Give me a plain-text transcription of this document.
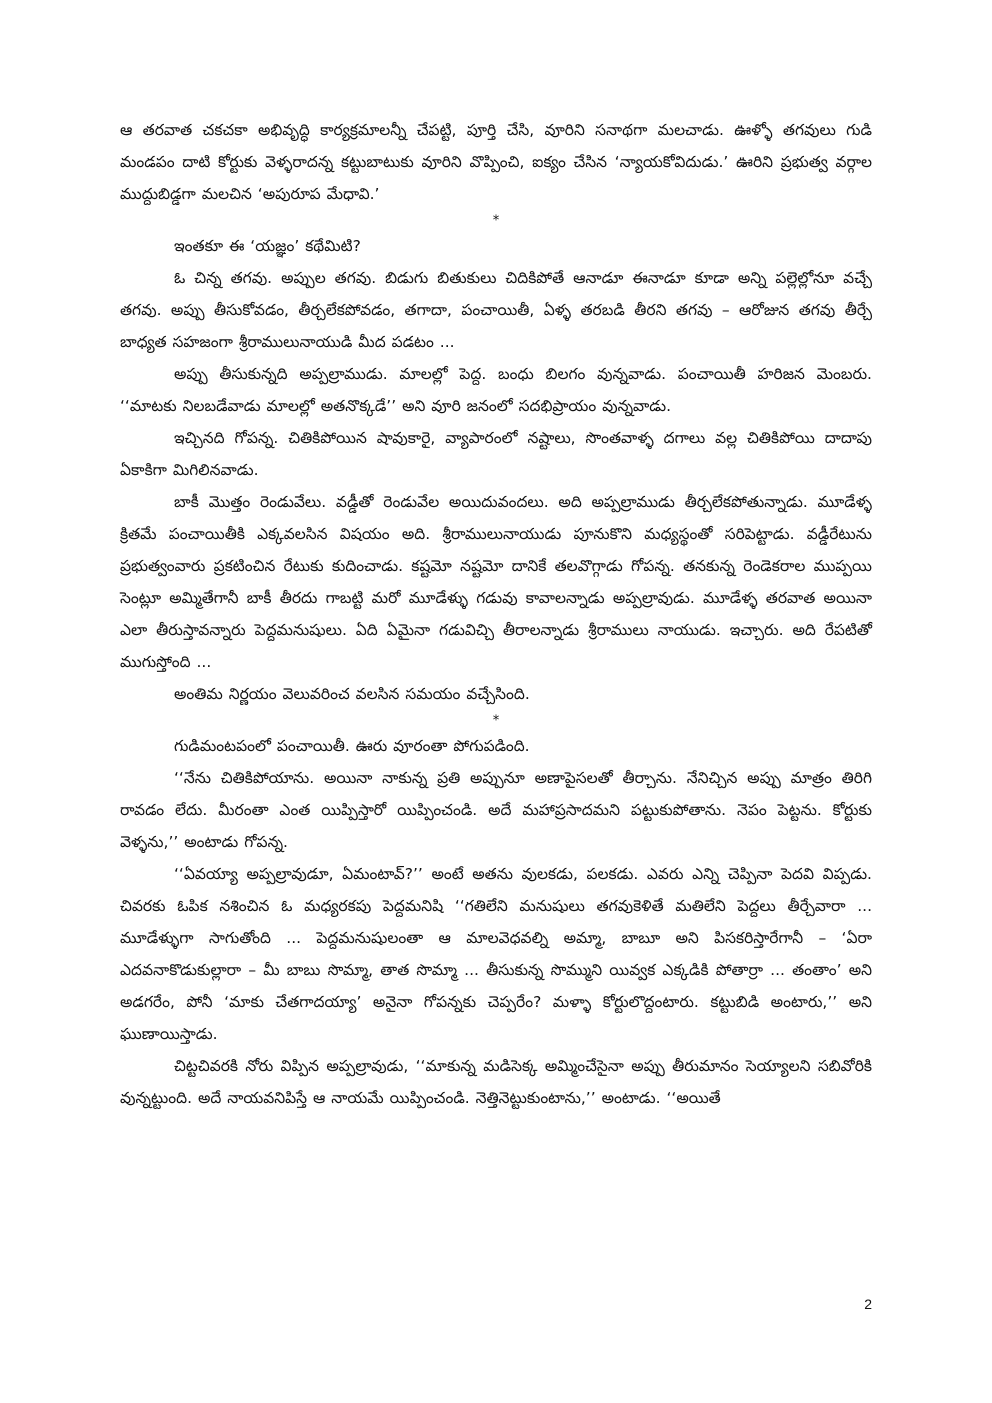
ఆ తరవాత చకచకా అభివృద్ధి కార్యక్రమాలన్నీ చేపట్టి, పూర్తి చేసి, వూరిని సనాథగా మలచాడు. ఊళ్ళో తగవులు గుడి మండపం దాటి కోర్టుకు వెళ్ళరాదన్న కట్టుబాటుకు వూరిని వొప్పించి, ఐక్యం చేసిన ‘న్యాయకోవిదుడు.’ ఊరిని ప్రభుత్వ వర్గాల ముద్దుబిడ్డగా మలచిన ‘అపురూప మేధావి.’

⁎

ఇంతకూ ఈ ‘యజ్ఞం’ కథేమిటి?

ఓ చిన్న తగవు. అప్పుల తగవు. బిడుగు బితుకులు చిదికిపోతే ఆనాడూ ఈనాడూ కూడా అన్ని పల్లెల్లోనూ వచ్చే తగవు. అప్పు తీసుకోవడం, తీర్చలేకపోవడం, తగాదా, పంచాయితీ, ఏళ్ళ తరబడి తీరని తగవు – ఆరోజున తగవు తీర్చే బాధ్యత సహజంగా శ్రీరాములునాయుడి మీద పడటం ...

అప్పు తీసుకున్నది అప్పల్రాముడు. మాలల్లో పెద్ద. బంధు బిలగం వున్నవాడు. పంచాయితీ హరిజన మెంబరు. ‘‘మాటకు నిలబడేవాడు మాలల్లో అతనొక్కడే’’ అని వూరి జనంలో సదభిప్రాయం వున్నవాడు.

ఇచ్చినది గోపన్న. చితికిపోయిన షావుకారై, వ్యాపారంలో నష్టాలు, సొంతవాళ్ళ దగాలు వల్ల చితికిపోయి దాదాపు ఏకాకిగా మిగిలినవాడు.

బాకీ మొత్తం రెండువేలు. వడ్డీతో రెండువేల అయిదువందలు. అది అప్పల్రాముడు తీర్చలేకపోతున్నాడు. మూడేళ్ళ క్రితమే పంచాయితీకి ఎక్కవలసిన విషయం అది. శ్రీరాములునాయుడు పూనుకొని మధ్యస్థంతో సరిపెట్టాడు. వడ్డీరేటును ప్రభుత్వంవారు ప్రకటించిన రేటుకు కుదించాడు. కష్టమో నష్టమో దానికే తలవొగ్గాడు గోపన్న. తనకున్న రెండెకరాల ముప్పయి సెంట్లూ అమ్మితేగానీ బాకీ తీరదు గాబట్టి మరో మూడేళ్ళు గడువు కావాలన్నాడు అప్పల్రావుడు. మూడేళ్ళ తరవాత అయినా ఎలా తీరుస్తావన్నారు పెద్దమనుషులు. ఏది ఏమైనా గడువిచ్చి తీరాలన్నాడు శ్రీరాములు నాయుడు. ఇచ్చారు. అది రేపటితో ముగుస్తోంది ...

అంతిమ నిర్ణయం వెలువరించ వలసిన సమయం వచ్చేసింది.

⁎

గుడిమంటపంలో పంచాయితీ. ఊరు వూరంతా పోగుపడింది.

‘‘నేను చితికిపోయాను. అయినా నాకున్న ప్రతి అప్పునూ అణాపైసలతో తీర్చాను. నేనిచ్చిన అప్పు మాత్రం తిరిగి రావడం లేదు. మీరంతా ఎంత యిప్పిస్తారో యిప్పించండి. అదే మహాప్రసాదమని పట్టుకుపోతాను. నెపం పెట్టను. కోర్టుకు వెళ్ళను,’’ అంటాడు గోపన్న.

‘‘ఏవయ్యా అప్పల్రావుడూ, ఏమంటావ్?’’ అంటే అతను వులకడు, పలకడు. ఎవరు ఎన్ని చెప్పినా పెదవి విప్పడు. చివరకు ఓపిక నశించిన ఓ మధ్యరకపు పెద్దమనిషి ‘‘గతిలేని మనుషులు తగవుకెళితే మతిలేని పెద్దలు తీర్చేవారా ... మూడేళ్ళుగా సాగుతోంది ... పెద్దమనుషులంతా ఆ మాలవెధవల్ని అమ్మా, బాబూ అని పిసకరిస్తారేగానీ – ‘ఏరా ఎదవనాకొడుకుల్లారా – మీ బాబు సొమ్మా, తాత సొమ్మా ... తీసుకున్న సొమ్ముని యివ్వక ఎక్కడికి పోతార్రా ... తంతాం’ అని అడగరేం, పోనీ ‘మాకు చేతగాదయ్యా’ అనైనా గోపన్నకు చెప్పరేం? మళ్ళా కోర్టులొద్దంటారు. కట్టుబిడి అంటారు,’’ అని ఘుణాయిస్తాడు.

చిట్టచివరకి నోరు విప్పిన అప్పల్రావుడు, ‘‘మాకున్న మడిసెక్క అమ్మించేసైనా అప్పు తీరుమానం సెయ్యాలని సబివోరికి వున్నట్టుంది. అదే నాయవనిపిస్తే ఆ నాయమే యిప్పించండి. నెత్తినెట్టుకుంటాను,’’ అంటాడు. ‘‘అయితే

2
